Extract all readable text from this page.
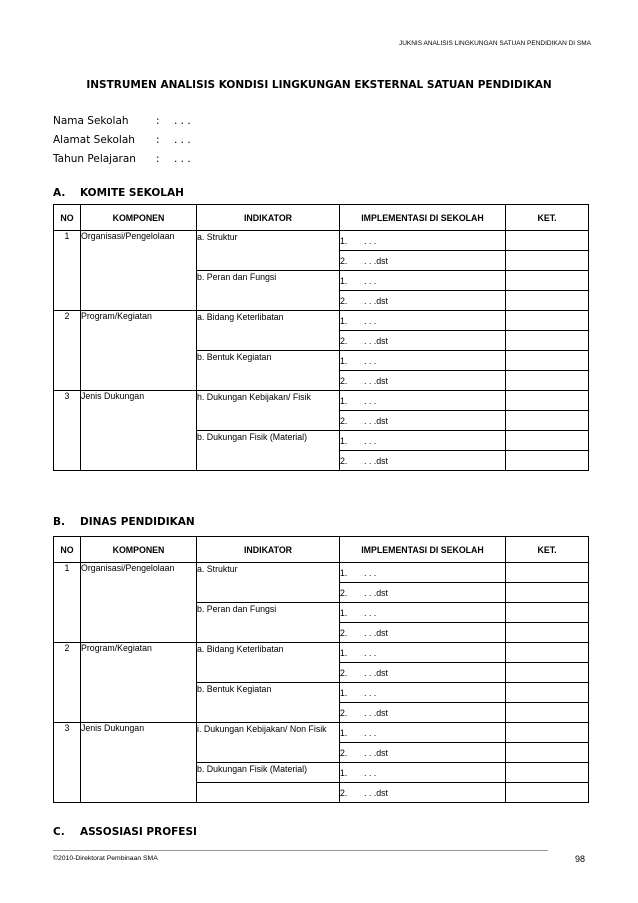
JUKNIS ANALISIS LINGKUNGAN SATUAN PENDIDIKAN DI SMA
INSTRUMEN ANALISIS KONDISI LINGKUNGAN EKSTERNAL SATUAN PENDIDIKAN
Nama Sekolah	: . . .
Alamat Sekolah : . . .
Tahun Pelajaran : . . .
A. KOMITE SEKOLAH
NO	KOMPONEN	INDIKATOR	IMPLEMENTASI DI SEKOLAH	KET.
1	Organisasi/Pengelolaan	a. Struktur	1. . . .	
			2. . . .dst	
		b. Peran dan Fungsi	1. . . .	
			2. . . .dst	
2	Program/Kegiatan	a. Bidang Keterlibatan	1. . . .	
			2. . . .dst	
		b. Bentuk Kegiatan	1. . . .	
			2. . . .dst	
3	Jenis Dukungan	h. Dukungan Kebijakan/ Fisik	1. . . .	
			2. . . .dst	
		b. Dukungan Fisik (Material)	1. . . .	
			2. . . .dst	
B. DINAS PENDIDIKAN
NO	KOMPONEN	INDIKATOR	IMPLEMENTASI DI SEKOLAH	KET.
1	Organisasi/Pengelolaan	a. Struktur	1. . . .	
			2. . . .dst	
		b. Peran dan Fungsi	1. . . .	
			2. . . .dst	
2	Program/Kegiatan	a. Bidang Keterlibatan	1. . . .	
			2. . . .dst	
		b. Bentuk Kegiatan	1. . . .	
			2. . . .dst	
3	Jenis Dukungan	i. Dukungan Kebijakan/ Non Fisik	1. . . .	
			2. . . .dst	
		b. Dukungan Fisik (Material)	1. . . .	
			2. . . .dst	
C. ASSOSIASI PROFESI
©2010-Direktorat Pembinaan SMA	98
